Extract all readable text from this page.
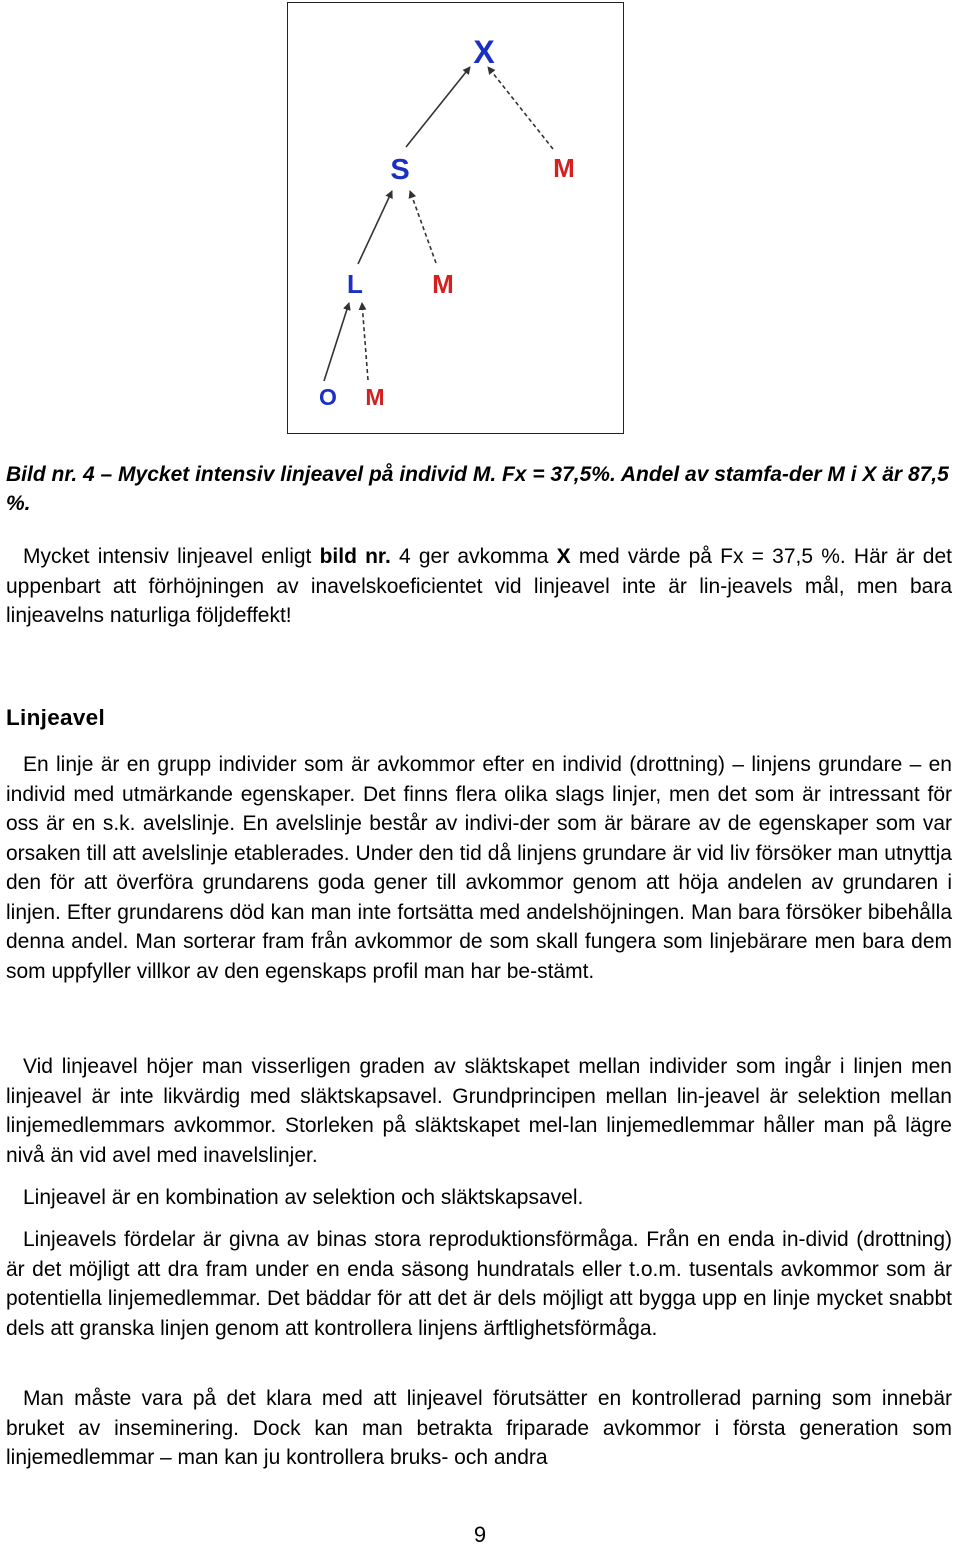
X
S	M
L	M
O M

Bild nr. 4 – Mycket intensiv linjeavel på individ M. Fx = 37,5%. Andel av stamfa-der M i X är 87,5 %.

Mycket intensiv linjeavel enligt bild nr. 4 ger avkomma X med värde på Fx = 37,5 %. Här är det uppenbart att förhöjningen av inavelskoeficientet vid linjeavel inte är lin-jeavels mål, men bara linjeavelns naturliga följdeffekt!

Linjeavel

En linje är en grupp individer som är avkommor efter en individ (drottning) – linjens grundare – en individ med utmärkande egenskaper. Det finns flera olika slags linjer, men det som är intressant för oss är en s.k. avelslinje. En avelslinje består av indivi-der som är bärare av de egenskaper som var orsaken till att avelslinje etablerades. Under den tid då linjens grundare är vid liv försöker man utnyttja den för att överföra grundarens goda gener till avkommor genom att höja andelen av grundaren i linjen. Efter grundarens död kan man inte fortsätta med andelshöjningen. Man bara försöker bibehålla denna andel. Man sorterar fram från avkommor de som skall fungera som linjebärare men bara dem som uppfyller villkor av den egenskaps profil man har be-stämt.

Vid linjeavel höjer man visserligen graden av släktskapet mellan individer som ingår i linjen men linjeavel är inte likvärdig med släktskapsavel. Grundprincipen mellan lin-jeavel är selektion mellan linjemedlemmars avkommor. Storleken på släktskapet mel-lan linjemedlemmar håller man på lägre nivå än vid avel med inavelslinjer.

Linjeavel är en kombination av selektion och släktskapsavel.

Linjeavels fördelar är givna av binas stora reproduktionsförmåga. Från en enda in-divid (drottning) är det möjligt att dra fram under en enda säsong hundratals eller t.o.m. tusentals avkommor som är potentiella linjemedlemmar. Det bäddar för att det är dels möjligt att bygga upp en linje mycket snabbt dels att granska linjen genom att kontrollera linjens ärftlighetsförmåga.

Man måste vara på det klara med att linjeavel förutsätter en kontrollerad parning som innebär bruket av inseminering. Dock kan man betrakta friparade avkommor i första generation som linjemedlemmar – man kan ju kontrollera bruks- och andra

9
